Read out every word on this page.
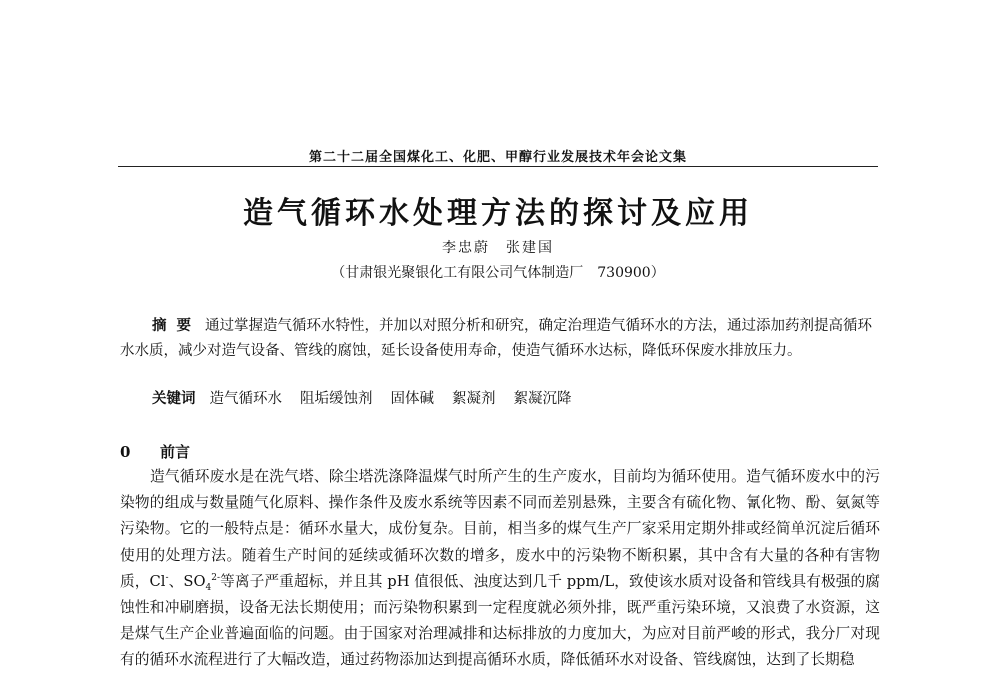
第二十二届全国煤化工、化肥、甲醇行业发展技术年会论文集
造气循环水处理方法的探讨及应用
李忠蔚　张建国
（甘肃银光聚银化工有限公司气体制造厂　730900）
摘要 通过掌握造气循环水特性，并加以对照分析和研究，确定治理造气循环水的方法，通过添加药剂提高循环水水质，减少对造气设备、管线的腐蚀，延长设备使用寿命，使造气循环水达标，降低环保废水排放压力。
关键词 造气循环水 阻垢缓蚀剂 固体碱 絮凝剂 絮凝沉降
0 前言
造气循环废水是在洗气塔、除尘塔洗涤降温煤气时所产生的生产废水，目前均为循环使用。造气循环废水中的污染物的组成与数量随气化原料、操作条件及废水系统等因素不同而差别悬殊，主要含有硫化物、氰化物、酚、氨氮等污染物。它的一般特点是：循环水量大，成份复杂。目前，相当多的煤气生产厂家采用定期外排或经简单沉淀后循环使用的处理方法。随着生产时间的延续或循环次数的增多，废水中的污染物不断积累，其中含有大量的各种有害物质，Cl-、$SO_4^{2-}$等离子严重超标，并且其 pH 值很低、浊度达到几千 ppm/L，致使该水质对设备和管线具有极强的腐蚀性和冲刷磨损，设备无法长期使用；而污染物积累到一定程度就必须外排，既严重污染环境，又浪费了水资源，这是煤气生产企业普遍面临的问题。由于国家对治理减排和达标排放的力度加大，为应对目前严峻的形式，我分厂对现有的循环水流程进行了大幅改造，通过药物添加达到提高循环水质，降低循环水对设备、管线腐蚀，达到了长期稳
